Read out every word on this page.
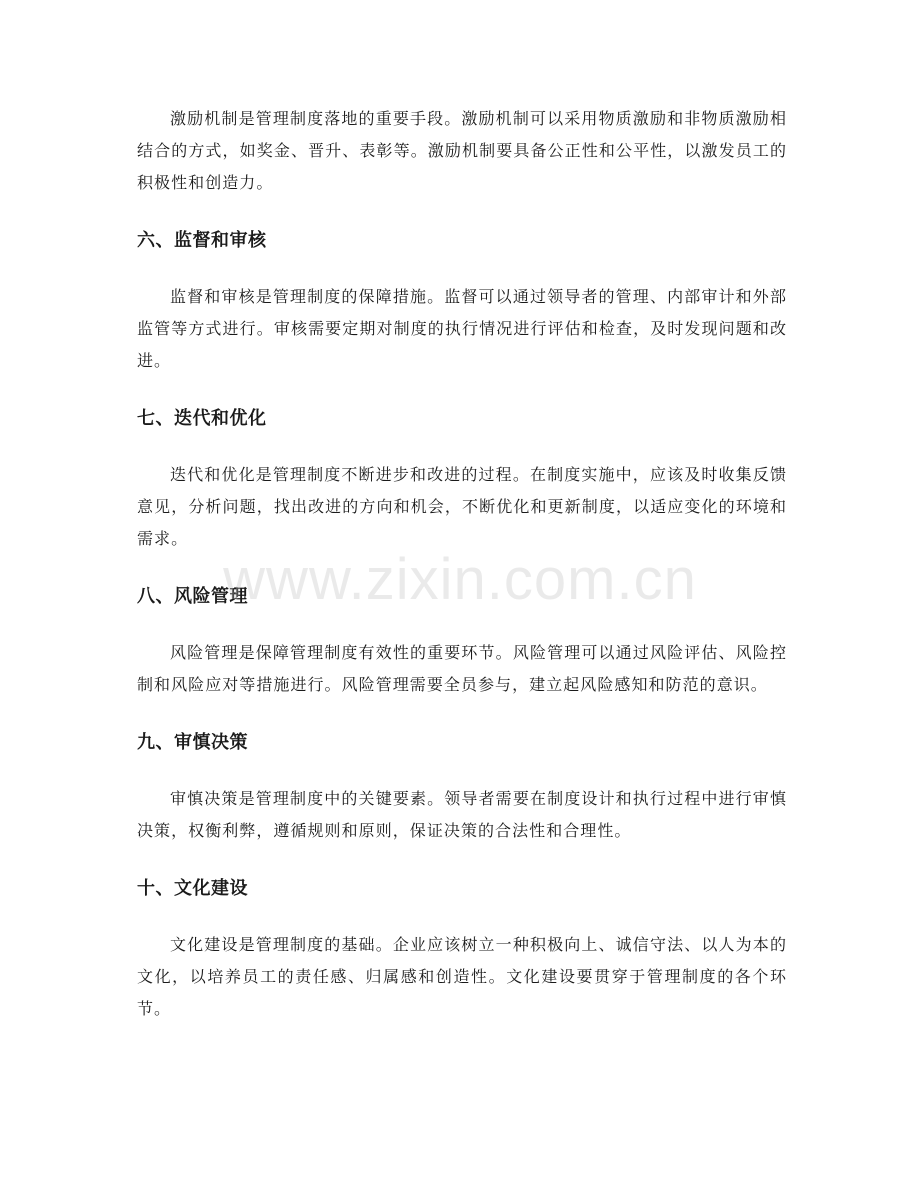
激励机制是管理制度落地的重要手段。激励机制可以采用物质激励和非物质激励相结合的方式，如奖金、晋升、表彰等。激励机制要具备公正性和公平性，以激发员工的积极性和创造力。

六、监督和审核

监督和审核是管理制度的保障措施。监督可以通过领导者的管理、内部审计和外部监管等方式进行。审核需要定期对制度的执行情况进行评估和检查，及时发现问题和改进。

七、迭代和优化

迭代和优化是管理制度不断进步和改进的过程。在制度实施中，应该及时收集反馈意见，分析问题，找出改进的方向和机会，不断优化和更新制度，以适应变化的环境和需求。

八、风险管理

风险管理是保障管理制度有效性的重要环节。风险管理可以通过风险评估、风险控制和风险应对等措施进行。风险管理需要全员参与，建立起风险感知和防范的意识。

九、审慎决策

审慎决策是管理制度中的关键要素。领导者需要在制度设计和执行过程中进行审慎决策，权衡利弊，遵循规则和原则，保证决策的合法性和合理性。

十、文化建设

文化建设是管理制度的基础。企业应该树立一种积极向上、诚信守法、以人为本的文化，以培养员工的责任感、归属感和创造性。文化建设要贯穿于管理制度的各个环节。

www.zixin.com.cn
